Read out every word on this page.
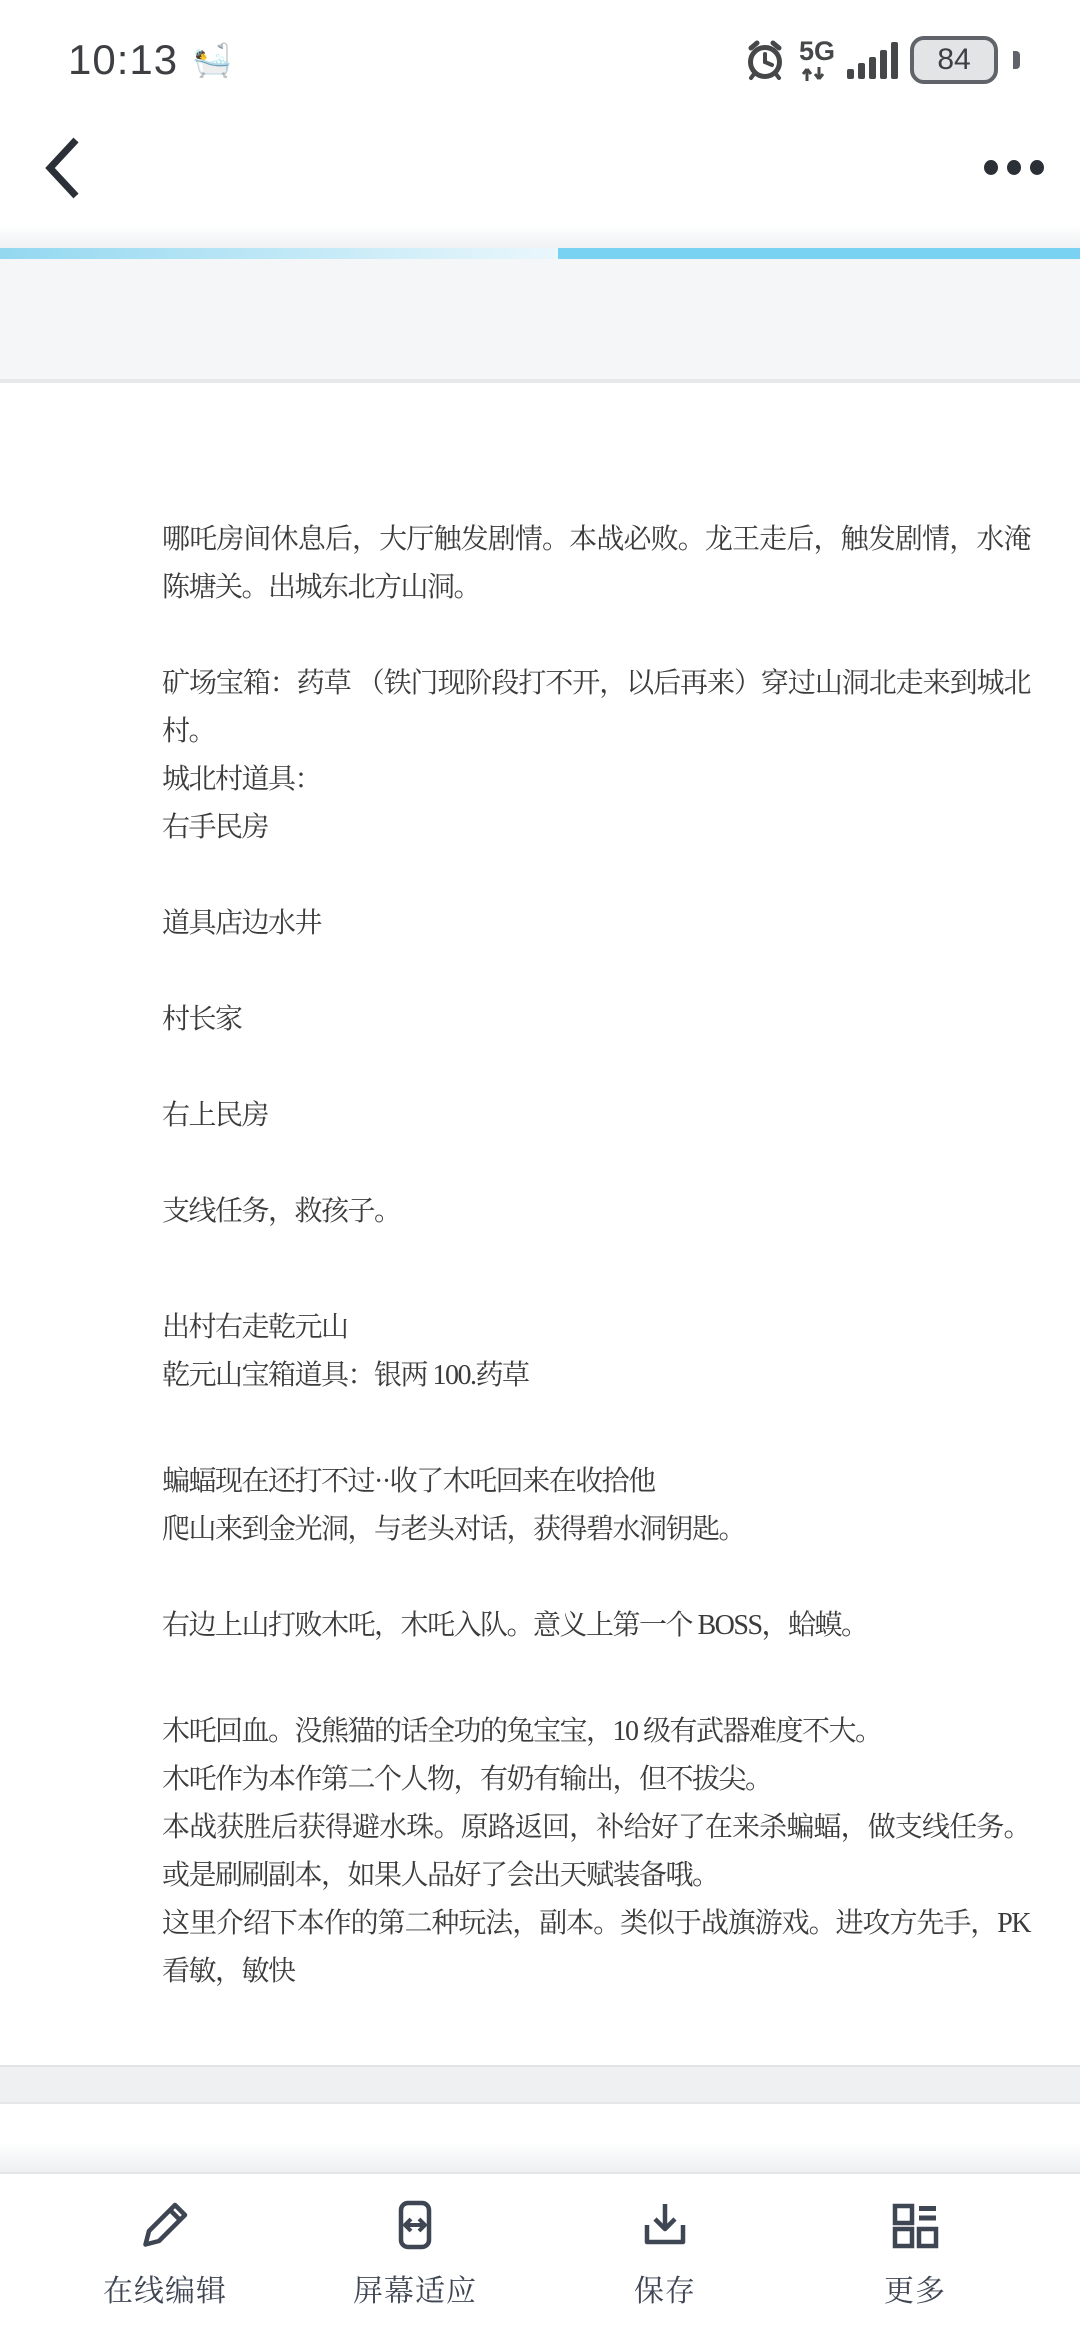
10:13 🛀	5G	84

哪吒房间休息后，大厅触发剧情。本战必败。龙王走后，触发剧情，水淹陈塘关。出城东北方山洞。

矿场宝箱：药草 （铁门现阶段打不开，以后再来）穿过山洞北走来到城北村。

城北村道具：

右手民房

道具店边水井

村长家

右上民房

支线任务，救孩子。

出村右走乾元山

乾元山宝箱道具：银两 100.药草

蝙蝠现在还打不过··收了木吒回来在收拾他

爬山来到金光洞，与老头对话，获得碧水洞钥匙。

右边上山打败木吒，木吒入队。意义上第一个 BOSS，蛤蟆。

木吒回血。没熊猫的话全功的兔宝宝，10 级有武器难度不大。

木吒作为本作第二个人物，有奶有输出，但不拔尖。

本战获胜后获得避水珠。原路返回，补给好了在来杀蝙蝠，做支线任务。或是刷刷副本，如果人品好了会出天赋装备哦。

这里介绍下本作的第二种玩法，副本。类似于战旗游戏。进攻方先手，PK 看敏，敏快

在线编辑	屏幕适应	保存	更多
